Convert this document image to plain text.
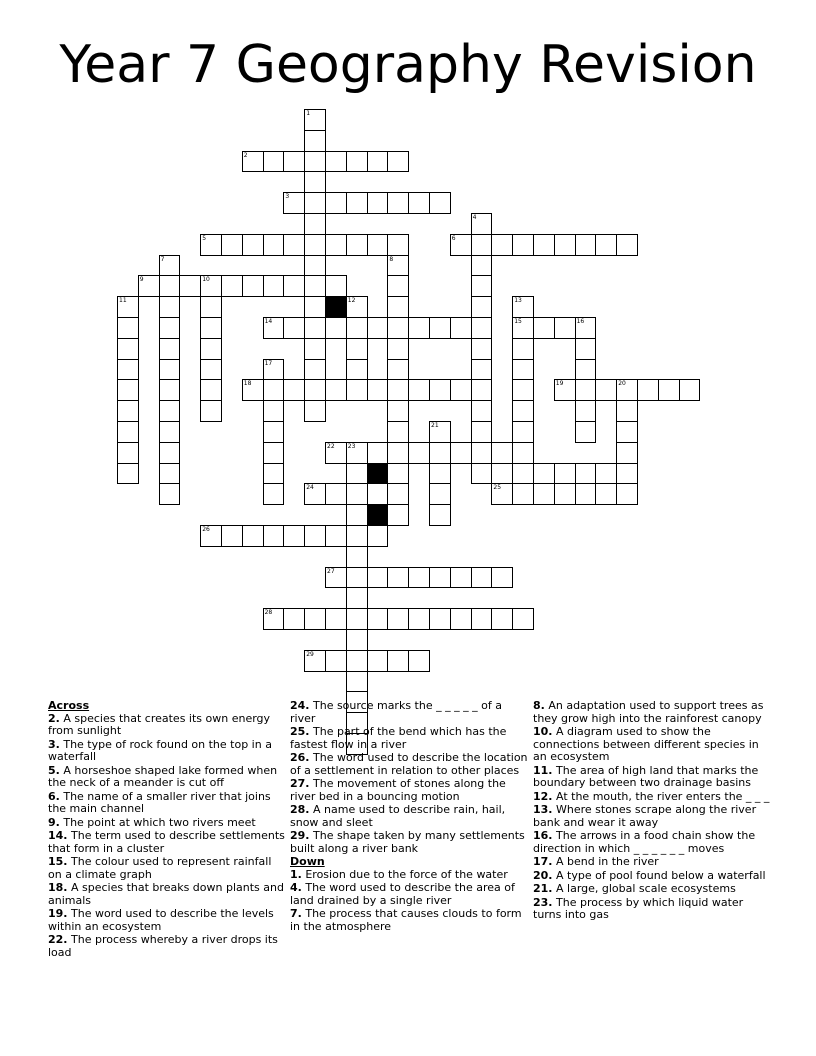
Year 7 Geography Revision
1
2
3
4
5	6
7	8
9	10
11	12	13
15
14	16
17
18	19	20
21
22 23
24	25
26
27
28
29
Across
2. A species that creates its own energy from sunlight
3. The type of rock found on the top in a waterfall
5. A horseshoe shaped lake formed when the neck of a meander is cut off
6. The name of a smaller river that joins the main channel
9. The point at which two rivers meet
14. The term used to describe settlements that form in a cluster
15. The colour used to represent rainfall on a climate graph
18. A species that breaks down plants and animals
19. The word used to describe the levels within an ecosystem
22. The process whereby a river drops its load
24. The source marks the _ _ _ _ _ of a river
25. The part of the bend which has the fastest flow in a river
26. The word used to describe the location of a settlement in relation to other places
27. The movement of stones along the river bed in a bouncing motion
28. A name used to describe rain, hail, snow and sleet
29. The shape taken by many settlements built along a river bank
Down
1. Erosion due to the force of the water
4. The word used to describe the area of land drained by a single river
7. The process that causes clouds to form in the atmosphere
8. An adaptation used to support trees as they grow high into the rainforest canopy
10. A diagram used to show the connections between different species in an ecosystem
11. The area of high land that marks the boundary between two drainage basins
12. At the mouth, the river enters the _ _ _
13. Where stones scrape along the river bank and wear it away
16. The arrows in a food chain show the direction in which _ _ _ _ _ _ moves
17. A bend in the river
20. A type of pool found below a waterfall
21. A large, global scale ecosystems
23. The process by which liquid water turns into gas
